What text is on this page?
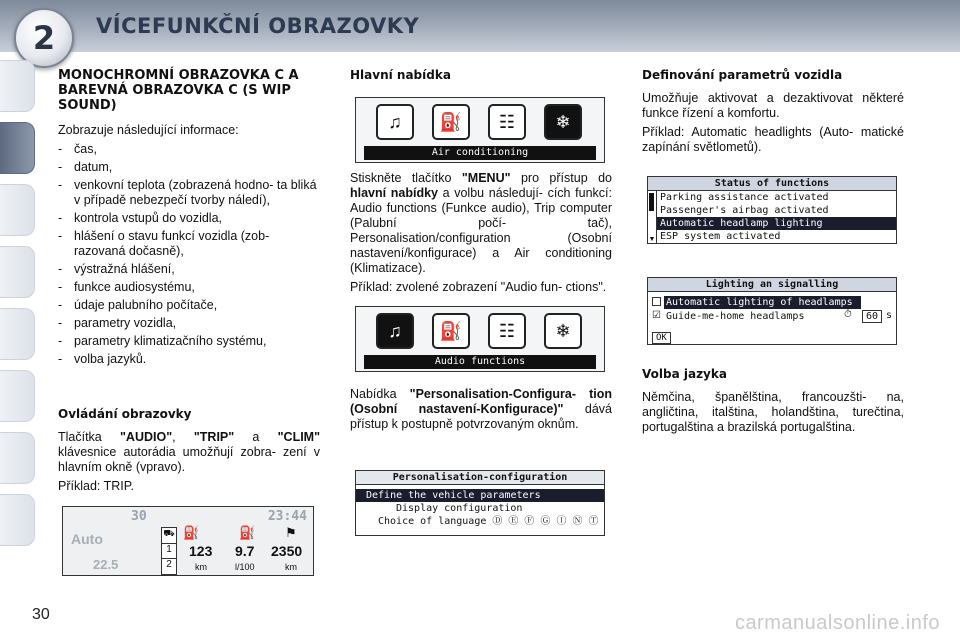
2 VÍCEFUNKČNÍ OBRAZOVKY
MONOCHROMNÍ OBRAZOVKA C A BAREVNÁ OBRAZOVKA C (S WIP SOUND)

Zobrazuje následující informace:

- čas,
- datum,
- venkovní teplota (zobrazená hodno- ta bliká v případě nebezpečí tvorby náledí),
- kontrola vstupů do vozidla,
- hlášení o stavu funkcí vozidla (zob- razovaná dočasně),
- výstražná hlášení,
- funkce audiosystému,
- údaje palubního počítače,
- parametry vozidla,
- parametry klimatizačního systému,
- volba jazyků.
Ovládání obrazovky

Tlačítka "AUDIO", "TRIP" a "CLIM" klávesnice autorádia umožňují zobra- zení v hlavním okně (vpravo).

Příklad: TRIP.

30	23:44
Auto
22.5
⛟
1
2
⛽	⛽ ⚑
123 9.7 2350
km	l/100	km
Hlavní nabídka
♫	⛽	☷	❄
Air conditioning

Stiskněte tlačítko "MENU" pro přístup do hlavní nabídky a volbu následují- cích funkcí: Audio functions (Funkce audio), Trip computer (Palubní počí- tač), Personalisation/configuration (Osobní nastavení/konfigurace) a Air conditioning (Klimatizace).

Příklad: zvolené zobrazení "Audio fun- ctions".

♫	⛽	☷	❄
Audio functions

Nabídka "Personalisation-Configura- tion (Osobní nastavení-Konfigurace)" dává přístup k postupně potvrzovaným oknům.

Personalisation-configuration
Define the vehicle parameters
Display configuration
Choice of language Ⓓ Ⓔ Ⓕ Ⓖ Ⓘ Ⓝ Ⓣ
Definování parametrů vozidla

Umožňuje aktivovat a dezaktivovat některé funkce řízení a komfortu.

Příklad: Automatic headlights (Auto- matické zapínání světlometů).

Status of functions
▼
Parking assistance activated
Passenger's airbag activated
Automatic headlamp lighting
ESP system activated
Lighting an signalling
Automatic lighting of headlamps
☑ Guide-me-home headlamps	⏱	60 s
OK
Volba jazyka

Němčina, španělština, francouzšti- na, angličtina, italština, holandština, turečtina, portugalština a brazilská portugalština.

30	carmanualsonline.info
